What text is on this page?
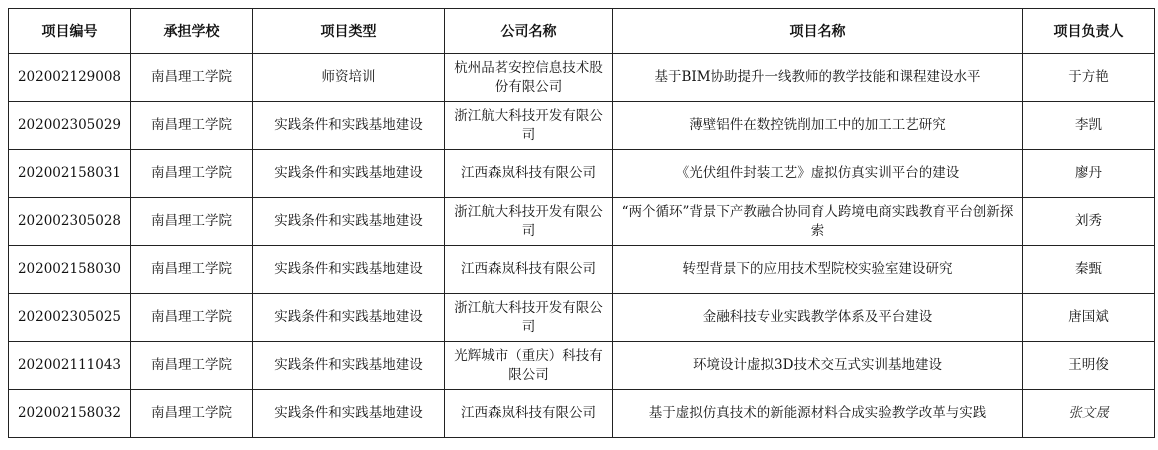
项目编号	承担学校	项目类型	公司名称	项目名称	项目负责人
202002129008	南昌理工学院	师资培训	杭州品茗安控信息技术股份有限公司	基于BIM协助提升一线教师的教学技能和课程建设水平	于方艳
202002305029	南昌理工学院	实践条件和实践基地建设	浙江航大科技开发有限公司	薄壁铝件在数控铣削加工中的加工工艺研究	李凯
202002158031	南昌理工学院	实践条件和实践基地建设	江西森岚科技有限公司	《光伏组件封装工艺》虚拟仿真实训平台的建设	廖丹
202002305028	南昌理工学院	实践条件和实践基地建设	浙江航大科技开发有限公司	“两个循环”背景下产教融合协同育人跨境电商实践教育平台创新探索	刘秀
202002158030	南昌理工学院	实践条件和实践基地建设	江西森岚科技有限公司	转型背景下的应用技术型院校实验室建设研究	秦甄
202002305025	南昌理工学院	实践条件和实践基地建设	浙江航大科技开发有限公司	金融科技专业实践教学体系及平台建设	唐国斌
202002111043	南昌理工学院	实践条件和实践基地建设	光辉城市（重庆）科技有限公司	环境设计虚拟3D技术交互式实训基地建设	王明俊
202002158032	南昌理工学院	实践条件和实践基地建设	江西森岚科技有限公司	基于虚拟仿真技术的新能源材料合成实验教学改革与实践	张文晟
